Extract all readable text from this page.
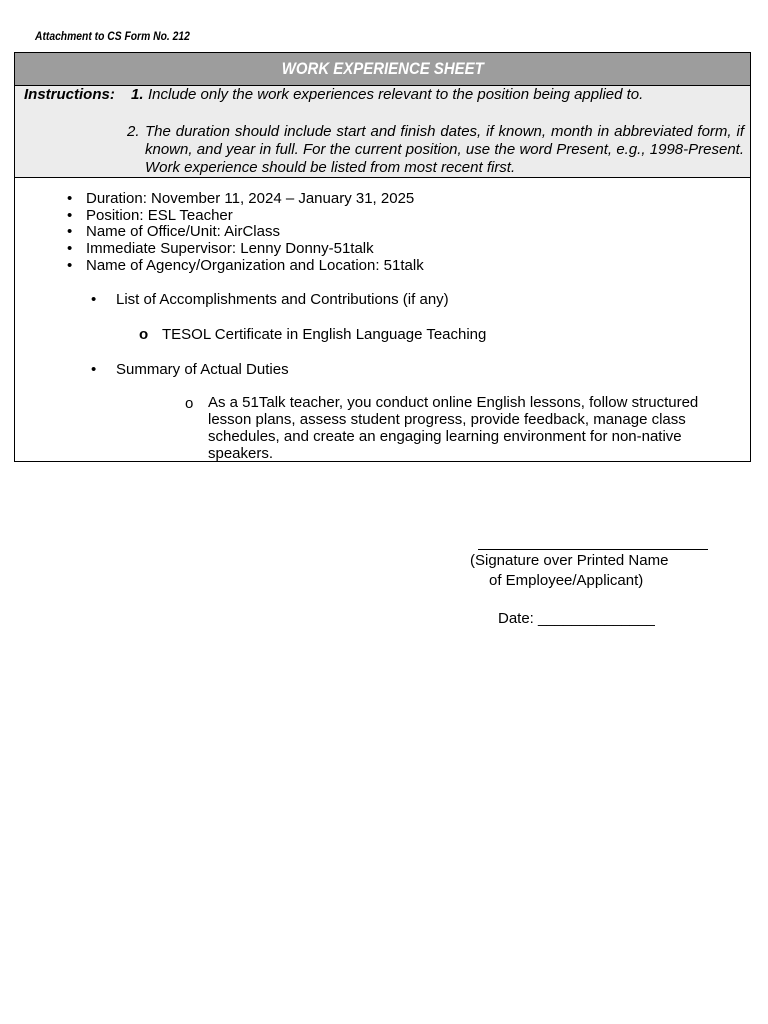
Attachment to CS Form No. 212
WORK EXPERIENCE SHEET
Instructions: 1. Include only the work experiences relevant to the position being applied to.
2. The duration should include start and finish dates, if known, month in abbreviated form, if known, and year in full. For the current position, use the word Present, e.g., 1998-Present. Work experience should be listed from most recent first.
• Duration: November 11, 2024 – January 31, 2025
• Position: ESL Teacher
• Name of Office/Unit: AirClass
• Immediate Supervisor: Lenny Donny-51talk
• Name of Agency/Organization and Location: 51talk
• List of Accomplishments and Contributions (if any)
o TESOL Certificate in English Language Teaching
• Summary of Actual Duties
o As a 51Talk teacher, you conduct online English lessons, follow structured lesson plans, assess student progress, provide feedback, manage class schedules, and create an engaging learning environment for non-native speakers.
(Signature over Printed Name
of Employee/Applicant)
Date: ______________
